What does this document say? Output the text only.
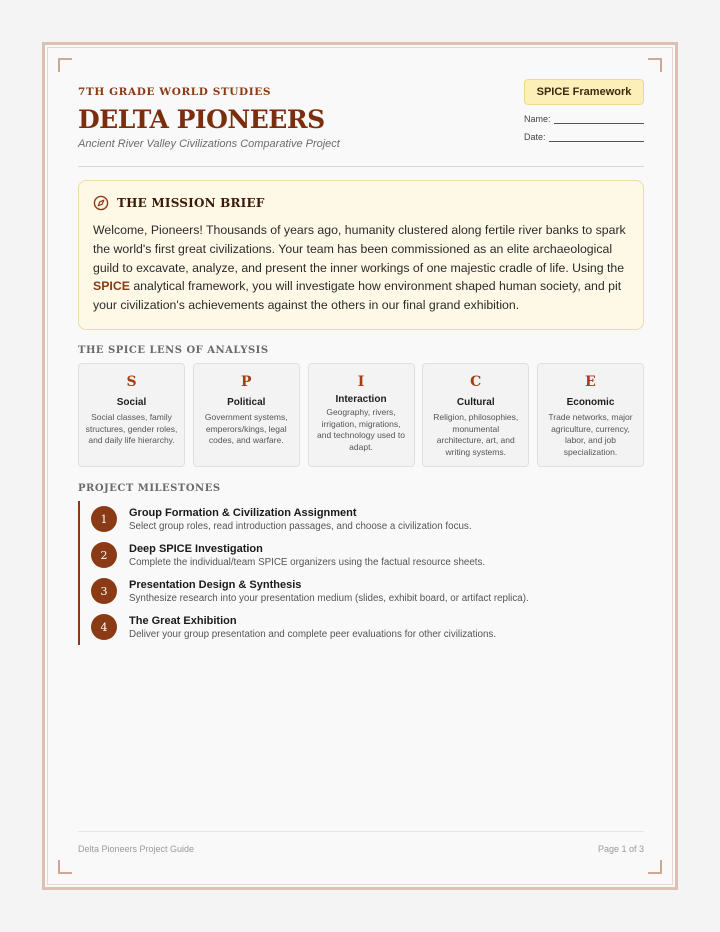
7TH GRADE WORLD STUDIES
DELTA PIONEERS
Ancient River Valley Civilizations Comparative Project
SPICE Framework
Name:
Date:
THE MISSION BRIEF
Welcome, Pioneers! Thousands of years ago, humanity clustered along fertile river banks to spark the world's first great civilizations. Your team has been commissioned as an elite archaeological guild to excavate, analyze, and present the inner workings of one majestic cradle of life. Using the SPICE analytical framework, you will investigate how environment shaped human society, and pit your civilization's achievements against the others in our final grand exhibition.
THE SPICE LENS OF ANALYSIS
S
Social
Social classes, family structures, gender roles, and daily life hierarchy.
P
Political
Government systems, emperors/kings, legal codes, and warfare.
I
Interaction
Geography, rivers, irrigation, migrations, and technology used to adapt.
C
Cultural
Religion, philosophies, monumental architecture, art, and writing systems.
E
Economic
Trade networks, major agriculture, currency, labor, and job specialization.
PROJECT MILESTONES
1	Group Formation & Civilization Assignment
Select group roles, read introduction passages, and choose a civilization focus.
2	Deep SPICE Investigation
Complete the individual/team SPICE organizers using the factual resource sheets.
3	Presentation Design & Synthesis
Synthesize research into your presentation medium (slides, exhibit board, or artifact replica).
4	The Great Exhibition
Deliver your group presentation and complete peer evaluations for other civilizations.
Delta Pioneers Project Guide	Page 1 of 3
